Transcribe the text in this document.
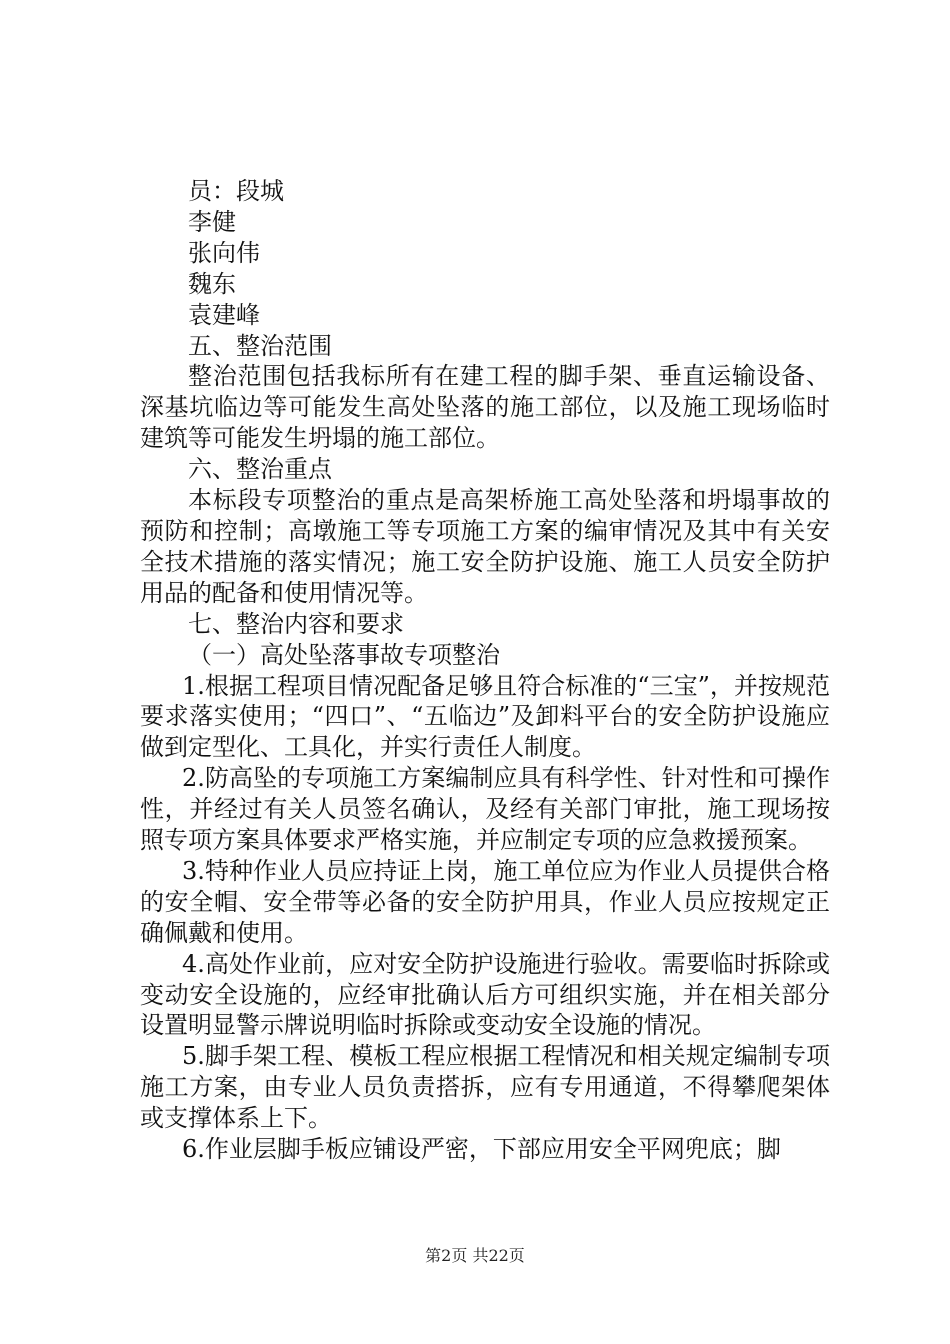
员：段城

李健

张向伟

魏东

袁建峰

五、整治范围

整治范围包括我标所有在建工程的脚手架、垂直运输设备、深基坑临边等可能发生高处坠落的施工部位，以及施工现场临时建筑等可能发生坍塌的施工部位。

六、整治重点

本标段专项整治的重点是高架桥施工高处坠落和坍塌事故的预防和控制；高墩施工等专项施工方案的编审情况及其中有关安全技术措施的落实情况；施工安全防护设施、施工人员安全防护用品的配备和使用情况等。

七、整治内容和要求

（一）高处坠落事故专项整治

1.根据工程项目情况配备足够且符合标准的“三宝”，并按规范要求落实使用；“四口”、“五临边”及卸料平台的安全防护设施应做到定型化、工具化，并实行责任人制度。

2.防高坠的专项施工方案编制应具有科学性、针对性和可操作性，并经过有关人员签名确认，及经有关部门审批，施工现场按照专项方案具体要求严格实施，并应制定专项的应急救援预案。

3.特种作业人员应持证上岗，施工单位应为作业人员提供合格的安全帽、安全带等必备的安全防护用具，作业人员应按规定正确佩戴和使用。

4.高处作业前，应对安全防护设施进行验收。需要临时拆除或变动安全设施的，应经审批确认后方可组织实施，并在相关部分设置明显警示牌说明临时拆除或变动安全设施的情况。

5.脚手架工程、模板工程应根据工程情况和相关规定编制专项施工方案，由专业人员负责搭拆，应有专用通道，不得攀爬架体或支撑体系上下。

6.作业层脚手板应铺设严密，下部应用安全平网兜底；脚

第2页 共22页
